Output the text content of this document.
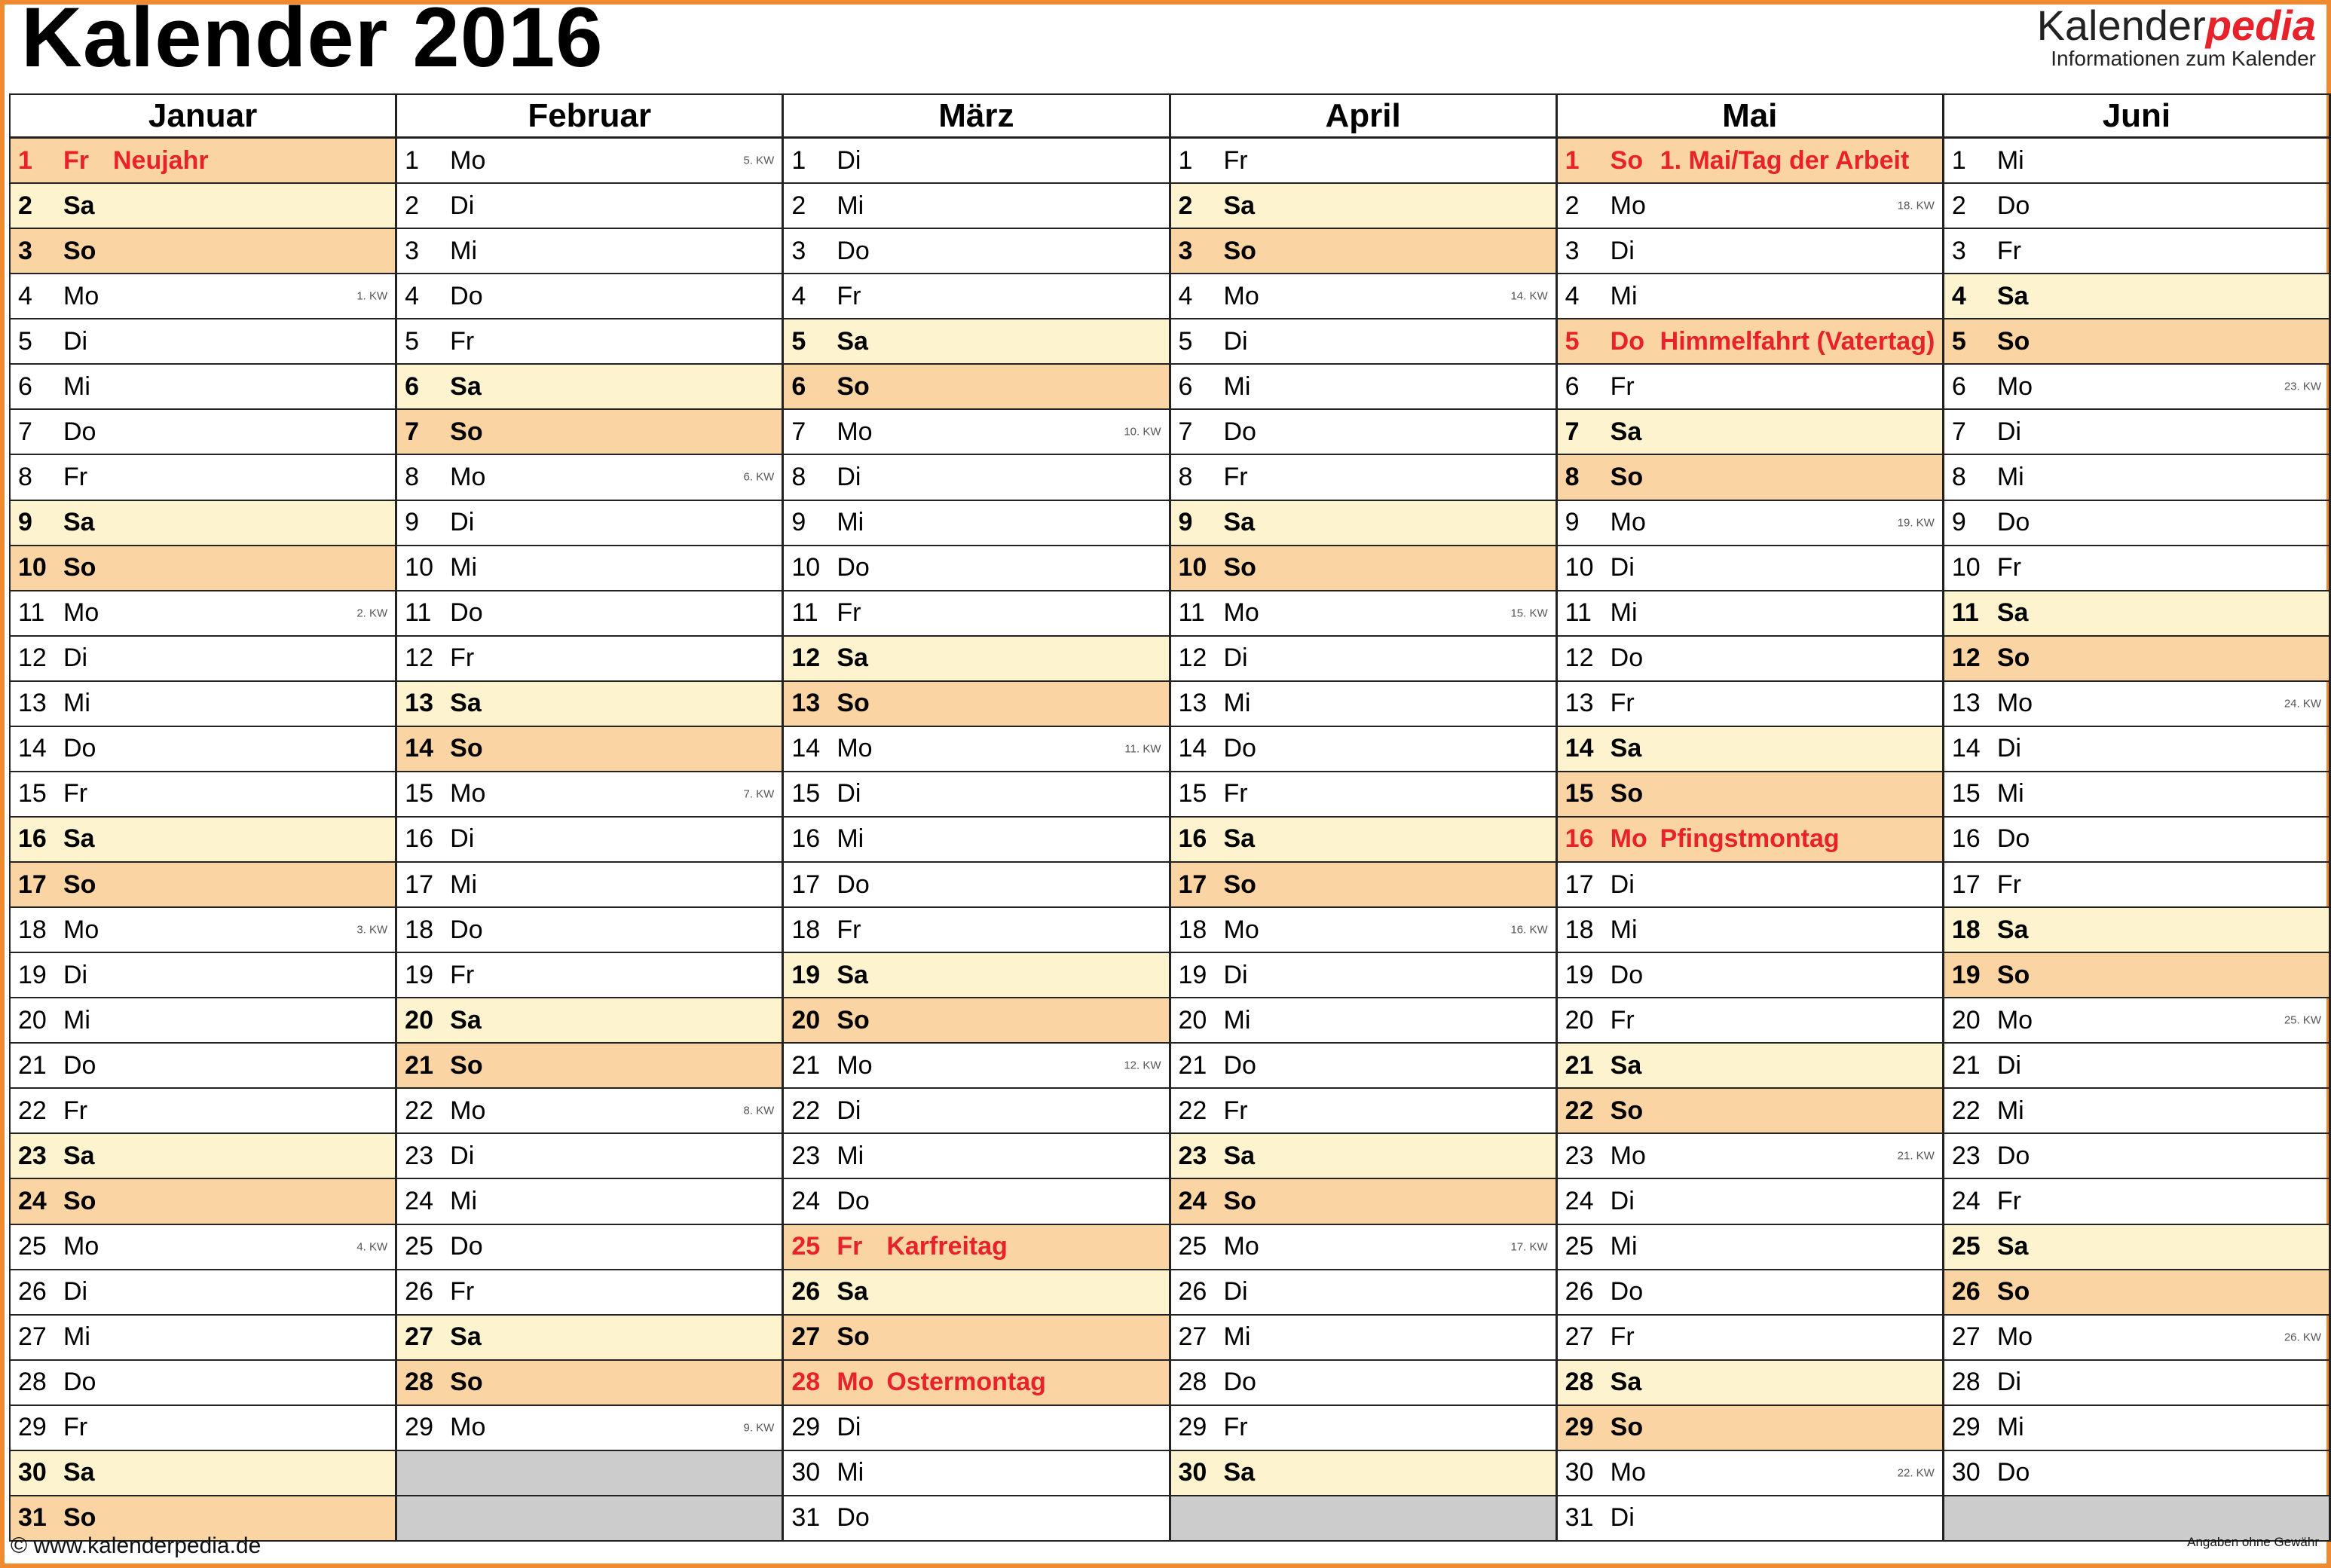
Kalender 2016	Kalenderpedia
Informationen zum Kalender
Januar
1	Fr Neujahr
2	Sa
3	So
4	Mo	1. KW
5	Di
6	Mi
7	Do
8	Fr
9	Sa
10 So
11 Mo	2. KW
12 Di
13 Mi
14 Do
15 Fr
16 Sa
17 So
18 Mo	3. KW
19 Di
20 Mi
21 Do
22 Fr
23 Sa
24 So
25 Mo	4. KW
26 Di
27 Mi
28 Do
29 Fr
30 Sa
31 So
Februar
1	Mo	5. KW
2	Di
3	Mi
4	Do
5	Fr
6	Sa
7	So
8	Mo	6. KW
9	Di
10 Mi
11 Do
12 Fr
13 Sa
14 So
15 Mo	7. KW
16 Di
17 Mi
18 Do
19 Fr
20 Sa
21 So
22 Mo	8. KW
23 Di
24 Mi
25 Do
26 Fr
27 Sa
28 So
29 Mo	9. KW
März
1	Di
2	Mi
3	Do
4	Fr
5	Sa
6	So
7	Mo	10. KW
8	Di
9	Mi
10 Do
11 Fr
12 Sa
13 So
14 Mo	11. KW
15 Di
16 Mi
17 Do
18 Fr
19 Sa
20 So
21 Mo	12. KW
22 Di
23 Mi
24 Do
25 Fr Karfreitag
26 Sa
27 So
28 Mo Ostermontag
29 Di
30 Mi
31 Do
April
1	Fr
2	Sa
3	So
4	Mo	14. KW
5	Di
6	Mi
7	Do
8	Fr
9	Sa
10 So
11 Mo	15. KW
12 Di
13 Mi
14 Do
15 Fr
16 Sa
17 So
18 Mo	16. KW
19 Di
20 Mi
21 Do
22 Fr
23 Sa
24 So
25 Mo	17. KW
26 Di
27 Mi
28 Do
29 Fr
30 Sa
Mai
1	So 1. Mai/Tag der Arbeit
2	Mo	18. KW
3	Di
4	Mi
5	Do Himmelfahrt (Vatertag)
6	Fr
7	Sa
8	So
9	Mo	19. KW
10 Di
11 Mi
12 Do
13 Fr
14 Sa
15 So
16 Mo Pfingstmontag
17 Di
18 Mi
19 Do
20 Fr
21 Sa
22 So
23 Mo	21. KW
24 Di
25 Mi
26 Do
27 Fr
28 Sa
29 So
30 Mo	22. KW
31 Di
Juni
1	Mi
2	Do
3	Fr
4	Sa
5	So
6	Mo	23. KW
7	Di
8	Mi
9	Do
10 Fr
11 Sa
12 So
13 Mo	24. KW
14 Di
15 Mi
16 Do
17 Fr
18 Sa
19 So
20 Mo	25. KW
21 Di
22 Mi
23 Do
24 Fr
25 Sa
26 So
27 Mo	26. KW
28 Di
29 Mi
30 Do
© www.kalenderpedia.de	Angaben ohne Gewähr
